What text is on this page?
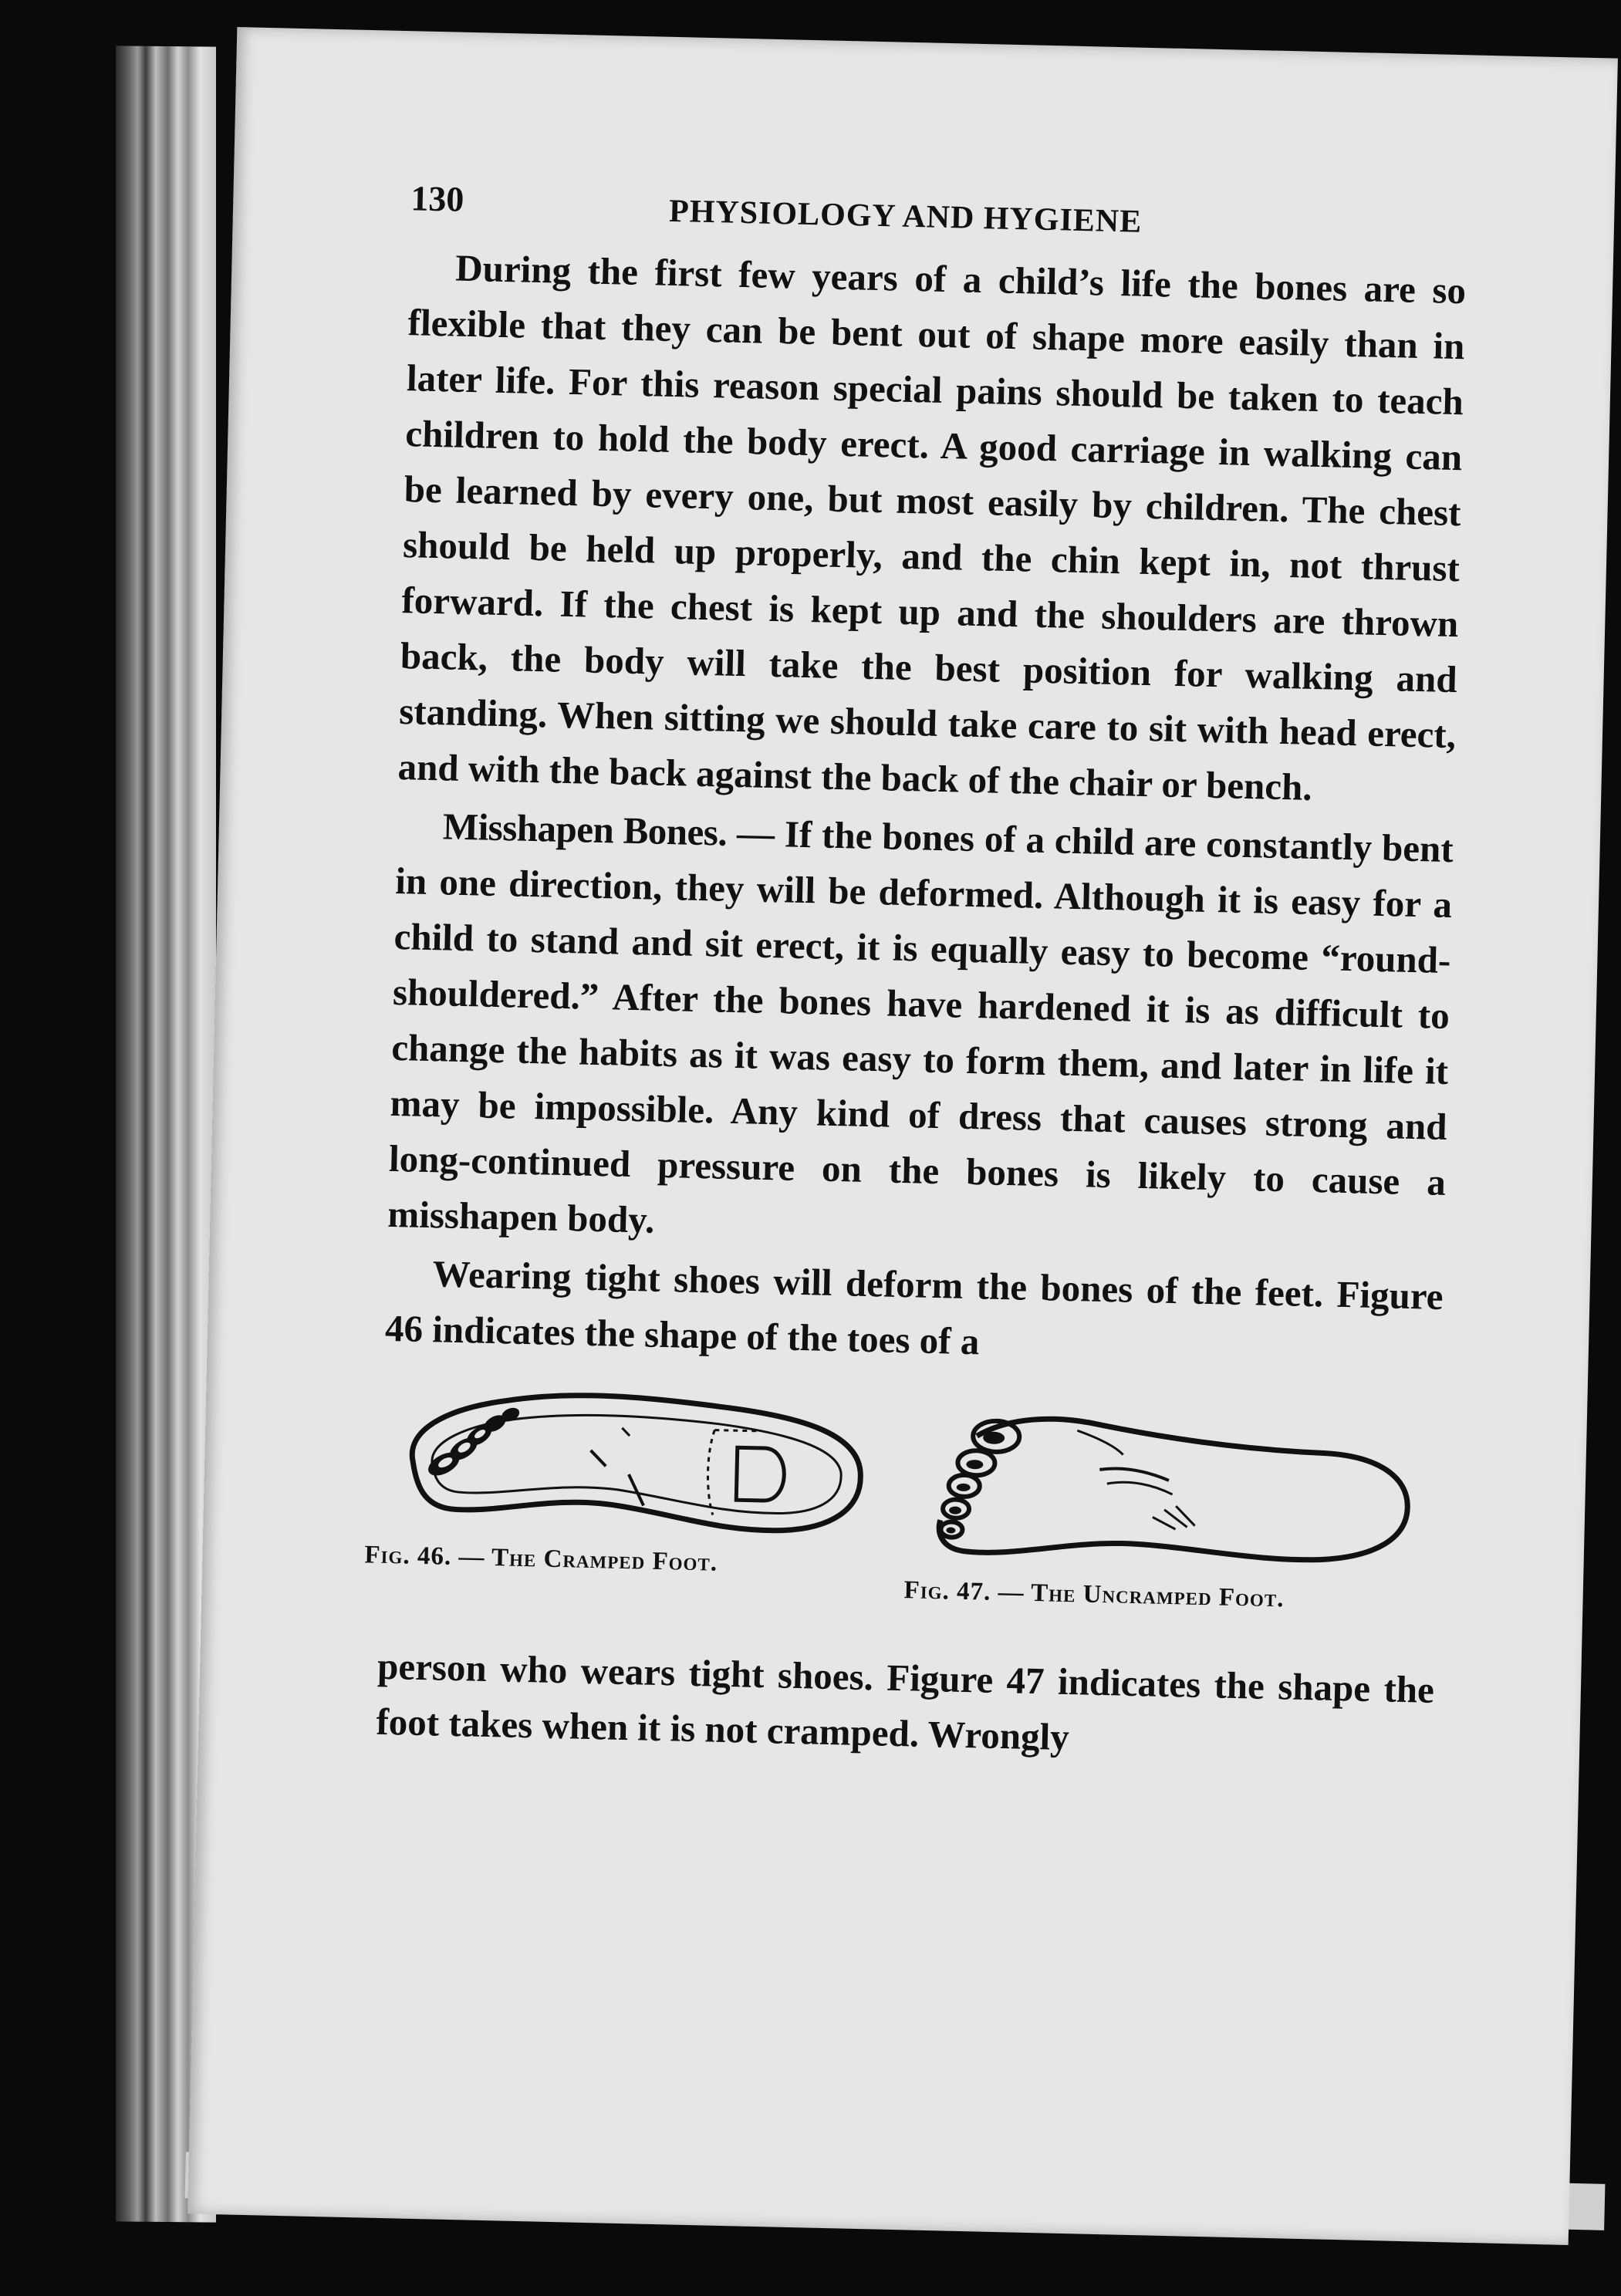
130	PHYSIOLOGY AND HYGIENE

During the first few years of a child’s life the bones are so flexible that they can be bent out of shape more easily than in later life. For this reason special pains should be taken to teach children to hold the body erect. A good carriage in walking can be learned by every one, but most easily by children. The chest should be held up properly, and the chin kept in, not thrust forward. If the chest is kept up and the shoulders are thrown back, the body will take the best position for walking and standing. When sitting we should take care to sit with head erect, and with the back against the back of the chair or bench.

Misshapen Bones. — If the bones of a child are constantly bent in one direction, they will be deformed. Although it is easy for a child to stand and sit erect, it is equally easy to become “round-shouldered.” After the bones have hardened it is as difficult to change the habits as it was easy to form them, and later in life it may be impossible. Any kind of dress that causes strong and long-continued pressure on the bones is likely to cause a misshapen body.

Wearing tight shoes will deform the bones of the feet. Figure 46 indicates the shape of the toes of a

Fig. 46. — The Cramped Foot.
Fig. 47. — The Uncramped Foot.

person who wears tight shoes. Figure 47 indicates the shape the foot takes when it is not cramped. Wrongly
